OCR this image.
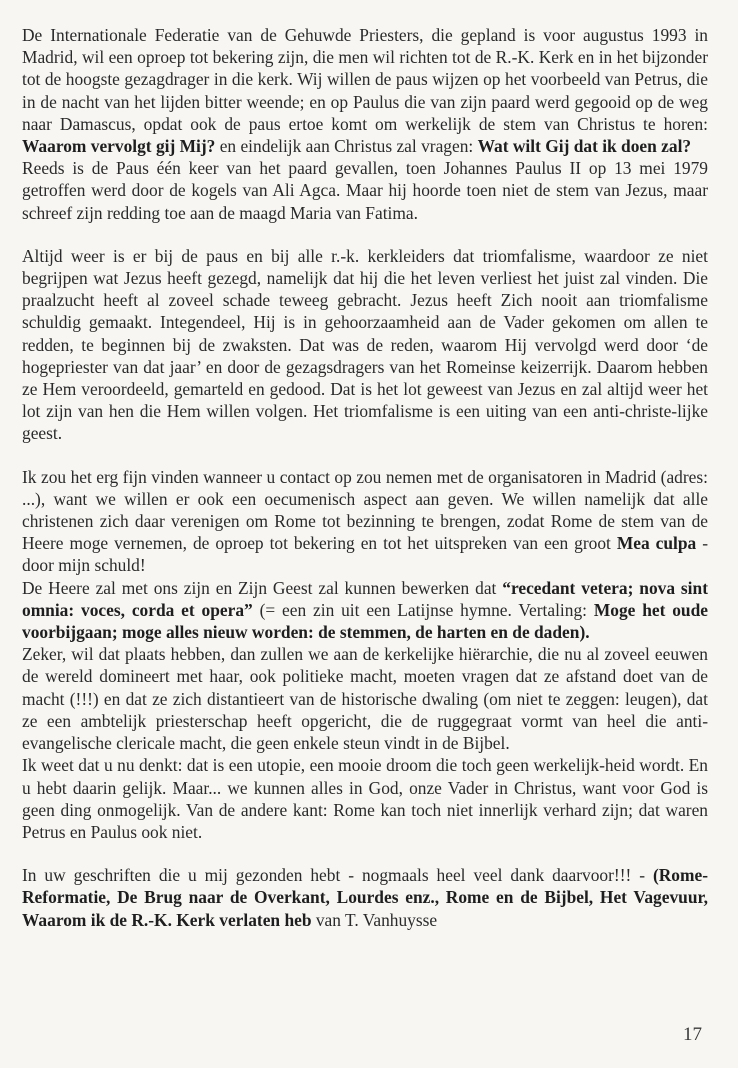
De Internationale Federatie van de Gehuwde Priesters, die gepland is voor augustus 1993 in Madrid, wil een oproep tot bekering zijn, die men wil richten tot de R.-K. Kerk en in het bijzonder tot de hoogste gezagdrager in die kerk. Wij willen de paus wijzen op het voorbeeld van Petrus, die in de nacht van het lijden bitter weende; en op Paulus die van zijn paard werd gegooid op de weg naar Damascus, opdat ook de paus ertoe komt om werkelijk de stem van Christus te horen: Waarom vervolgt gij Mij? en eindelijk aan Christus zal vragen: Wat wilt Gij dat ik doen zal?

Reeds is de Paus één keer van het paard gevallen, toen Johannes Paulus II op 13 mei 1979 getroffen werd door de kogels van Ali Agca. Maar hij hoorde toen niet de stem van Jezus, maar schreef zijn redding toe aan de maagd Maria van Fatima.

Altijd weer is er bij de paus en bij alle r.-k. kerkleiders dat triomfalisme, waardoor ze niet begrijpen wat Jezus heeft gezegd, namelijk dat hij die het leven verliest het juist zal vinden. Die praalzucht heeft al zoveel schade teweeg gebracht. Jezus heeft Zich nooit aan triomfalisme schuldig gemaakt. Integendeel, Hij is in gehoorzaamheid aan de Vader gekomen om allen te redden, te beginnen bij de zwaksten. Dat was de reden, waarom Hij vervolgd werd door ‘de hogepriester van dat jaar’ en door de gezagsdragers van het Romeinse keizerrijk. Daarom hebben ze Hem veroordeeld, gemarteld en gedood. Dat is het lot geweest van Jezus en zal altijd weer het lot zijn van hen die Hem willen volgen. Het triomfalisme is een uiting van een anti-christe-lijke geest.

Ik zou het erg fijn vinden wanneer u contact op zou nemen met de organisatoren in Madrid (adres: ...), want we willen er ook een oecumenisch aspect aan geven. We willen namelijk dat alle christenen zich daar verenigen om Rome tot bezinning te brengen, zodat Rome de stem van de Heere moge vernemen, de oproep tot bekering en tot het uitspreken van een groot Mea culpa - door mijn schuld!

De Heere zal met ons zijn en Zijn Geest zal kunnen bewerken dat “recedant vetera; nova sint omnia: voces, corda et opera” (= een zin uit een Latijnse hymne. Vertaling: Moge het oude voorbijgaan; moge alles nieuw worden: de stemmen, de harten en de daden).

Zeker, wil dat plaats hebben, dan zullen we aan de kerkelijke hiërarchie, die nu al zoveel eeuwen de wereld domineert met haar, ook politieke macht, moeten vragen dat ze afstand doet van de macht (!!!) en dat ze zich distantieert van de historische dwaling (om niet te zeggen: leugen), dat ze een ambtelijk priesterschap heeft opgericht, die de ruggegraat vormt van heel die anti-evangelische clericale macht, die geen enkele steun vindt in de Bijbel.

Ik weet dat u nu denkt: dat is een utopie, een mooie droom die toch geen werkelijk-heid wordt. En u hebt daarin gelijk. Maar... we kunnen alles in God, onze Vader in Christus, want voor God is geen ding onmogelijk. Van de andere kant: Rome kan toch niet innerlijk verhard zijn; dat waren Petrus en Paulus ook niet.

In uw geschriften die u mij gezonden hebt - nogmaals heel veel dank daarvoor!!! - (Rome-Reformatie, De Brug naar de Overkant, Lourdes enz., Rome en de Bijbel, Het Vagevuur, Waarom ik de R.-K. Kerk verlaten heb van T. Vanhuysse

17
